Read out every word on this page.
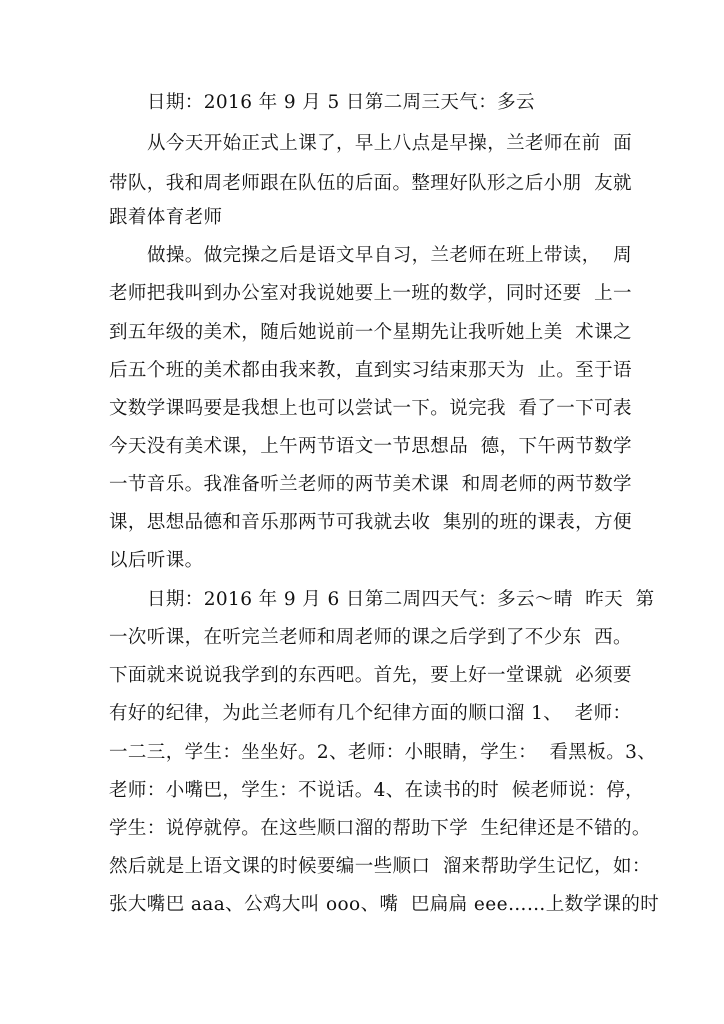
日期：2016 年 9 月 5 日第二周三天气：多云
从今天开始正式上课了，早上八点是早操，兰老师在前  面
带队，我和周老师跟在队伍的后面。整理好队形之后小朋  友就
跟着体育老师
做操。做完操之后是语文早自习，兰老师在班上带读，  周
老师把我叫到办公室对我说她要上一班的数学，同时还要  上一
到五年级的美术，随后她说前一个星期先让我听她上美  术课之
后五个班的美术都由我来教，直到实习结束那天为  止。至于语
文数学课吗要是我想上也可以尝试一下。说完我  看了一下可表
今天没有美术课，上午两节语文一节思想品  德，下午两节数学
一节音乐。我准备听兰老师的两节美术课  和周老师的两节数学
课，思想品德和音乐那两节可我就去收  集别的班的课表，方便
以后听课。
日期：2016 年 9 月 6 日第二周四天气：多云～晴  昨天  第
一次听课，在听完兰老师和周老师的课之后学到了不少东  西。
下面就来说说我学到的东西吧。首先，要上好一堂课就  必须要
有好的纪律，为此兰老师有几个纪律方面的顺口溜 1、  老师：
一二三，学生：坐坐好。2、老师：小眼睛，学生：  看黑板。3、
老师：小嘴巴，学生：不说话。4、在读书的时  候老师说：停，
学生：说停就停。在这些顺口溜的帮助下学  生纪律还是不错的。
然后就是上语文课的时候要编一些顺口  溜来帮助学生记忆，如：
张大嘴巴 aaa、公鸡大叫 ooo、嘴  巴扁扁 eee……上数学课的时
